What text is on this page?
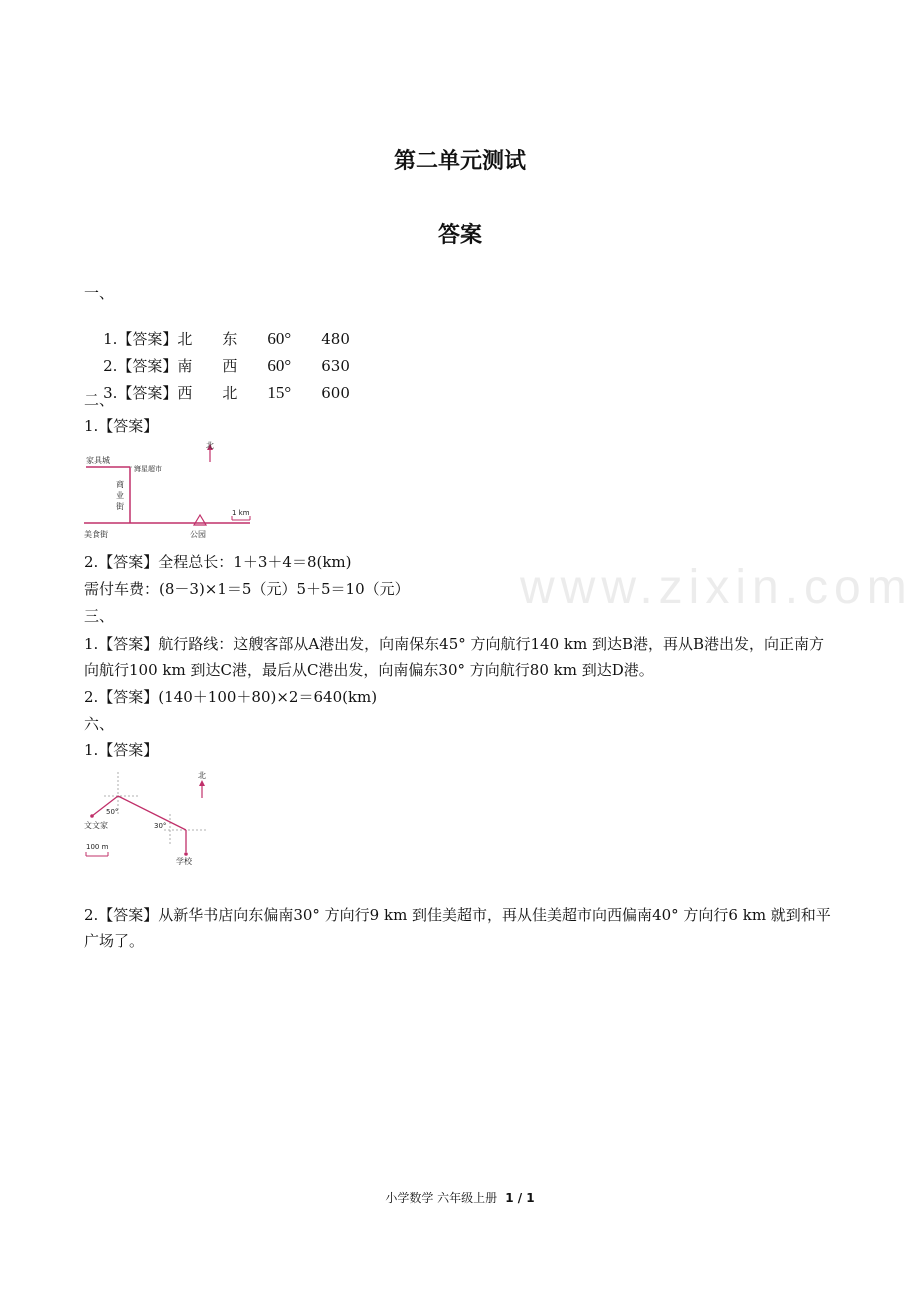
www.zixin.com
第二单元测试
答案
一、

1.【答案】北 东 60° 480

2.【答案】南 西 60° 630

3.【答案】西 北 15° 600

二、
1.【答案】
北
家具城
海星超市
商
业
街
美食街	公园
1 km
2.【答案】全程总长：1＋3＋4＝8(km)
需付车费：(8－3)×1＝5（元）5＋5＝10（元）
三、
1.【答案】航行路线：这艘客部从A港出发，向南保东45° 方向航行140 km 到达B港，再从B港出发，向正南方向航行100 km 到达C港，最后从C港出发，向南偏东30° 方向航行80 km 到达D港。
2.【答案】(140＋100＋80)×2＝640(km)
六、
1.【答案】
北
50°
30°
文文家
学校
100 m
2.【答案】从新华书店向东偏南30° 方向行9 km 到佳美超市，再从佳美超市向西偏南40° 方向行6 km 就到和平广场了。
小学数学 六年级上册 1 / 1
